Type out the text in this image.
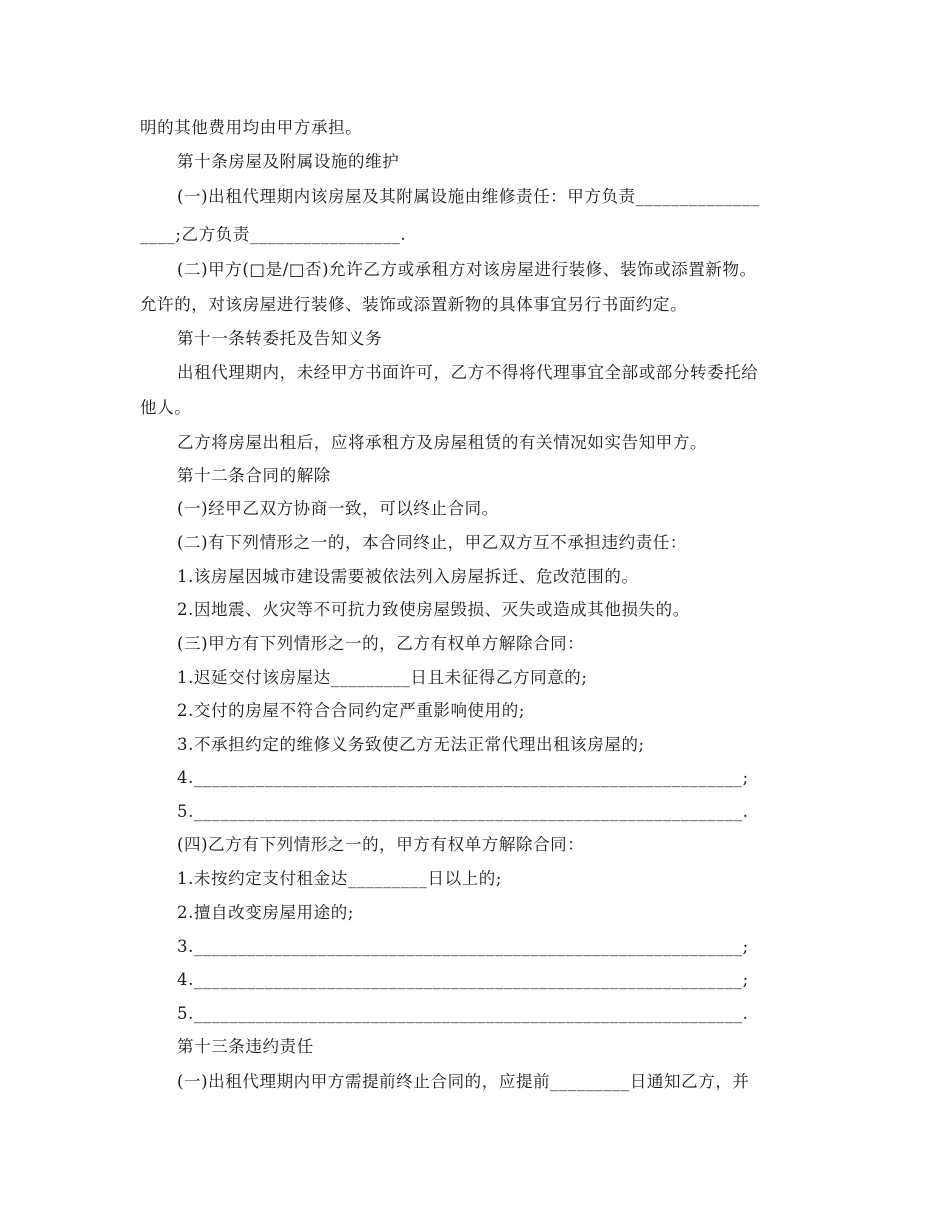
明的其他费用均由甲方承担。
第十条房屋及附属设施的维护
(一)出租代理期内该房屋及其附属设施由维修责任：甲方负责______________
____;乙方负责_________________.
(二)甲方(□是/□否)允许乙方或承租方对该房屋进行装修、装饰或添置新物。
允许的，对该房屋进行装修、装饰或添置新物的具体事宜另行书面约定。
第十一条转委托及告知义务
出租代理期内，未经甲方书面许可，乙方不得将代理事宜全部或部分转委托给
他人。
乙方将房屋出租后，应将承租方及房屋租赁的有关情况如实告知甲方。
第十二条合同的解除
(一)经甲乙双方协商一致，可以终止合同。
(二)有下列情形之一的，本合同终止，甲乙双方互不承担违约责任：
1.该房屋因城市建设需要被依法列入房屋拆迁、危改范围的。
2.因地震、火灾等不可抗力致使房屋毁损、灭失或造成其他损失的。
(三)甲方有下列情形之一的，乙方有权单方解除合同：
1.迟延交付该房屋达_________日且未征得乙方同意的;
2.交付的房屋不符合合同约定严重影响使用的;
3.不承担约定的维修义务致使乙方无法正常代理出租该房屋的;
4.______________________________________________________________;
5.______________________________________________________________.
(四)乙方有下列情形之一的，甲方有权单方解除合同：
1.未按约定支付租金达_________日以上的;
2.擅自改变房屋用途的;
3.______________________________________________________________;
4.______________________________________________________________;
5.______________________________________________________________.
第十三条违约责任
(一)出租代理期内甲方需提前终止合同的，应提前_________日通知乙方，并
